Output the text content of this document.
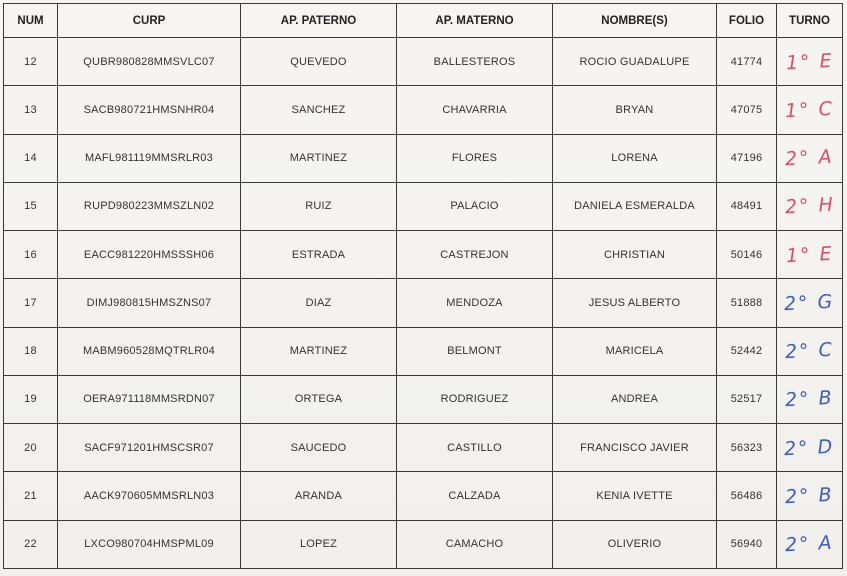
NUM	CURP	AP. PATERNO	AP. MATERNO	NOMBRE(S)	FOLIO	TURNO
12	QUBR980828MMSVLC07	QUEVEDO	BALLESTEROS	ROCIO GUADALUPE	41774	1° E
13	SACB980721HMSNHR04	SANCHEZ	CHAVARRIA	BRYAN	47075	1° C
14	MAFL981119MMSRLR03	MARTINEZ	FLORES	LORENA	47196	2° A
15	RUPD980223MMSZLN02	RUIZ	PALACIO	DANIELA ESMERALDA	48491	2° H
16	EACC981220HMSSSH06	ESTRADA	CASTREJON	CHRISTIAN	50146	1° E
17	DIMJ980815HMSZNS07	DIAZ	MENDOZA	JESUS ALBERTO	51888	2° G
18	MABM960528MQTRLR04	MARTINEZ	BELMONT	MARICELA	52442	2° C
19	OERA971118MMSRDN07	ORTEGA	RODRIGUEZ	ANDREA	52517	2° B
20	SACF971201HMSCSR07	SAUCEDO	CASTILLO	FRANCISCO JAVIER	56323	2° D
21	AACK970605MMSRLN03	ARANDA	CALZADA	KENIA IVETTE	56486	2° B
22	LXCO980704HMSPML09	LOPEZ	CAMACHO	OLIVERIO	56940	2° A
